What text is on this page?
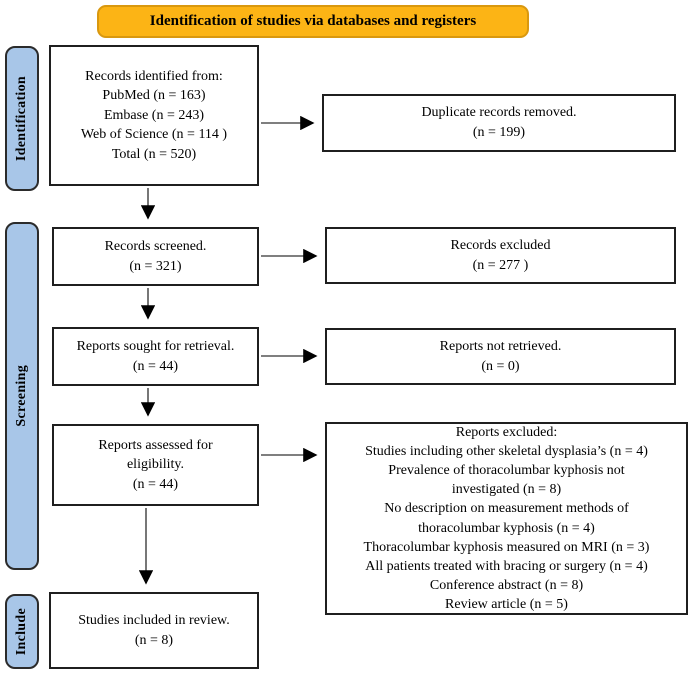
Identification of studies via databases and registers
Identification
Screening
Include
Records identified from:
PubMed (n = 163)
Embase (n = 243)
Web of Science (n = 114 )
Total (n = 520)
Duplicate records removed.
(n = 199)
Records screened.
(n = 321)
Records excluded
(n = 277 )
Reports sought for retrieval.
(n = 44)
Reports not retrieved.
(n = 0)
Reports assessed for
eligibility.
(n = 44)
Reports excluded:
Studies including other skeletal dysplasia’s (n = 4)
Prevalence of thoracolumbar kyphosis not
investigated (n = 8)
No description on measurement methods of
thoracolumbar kyphosis (n = 4)
Thoracolumbar kyphosis measured on MRI (n = 3)
All patients treated with bracing or surgery (n = 4)
Conference abstract (n = 8)
Review article (n = 5)
Studies included in review.
(n = 8)
